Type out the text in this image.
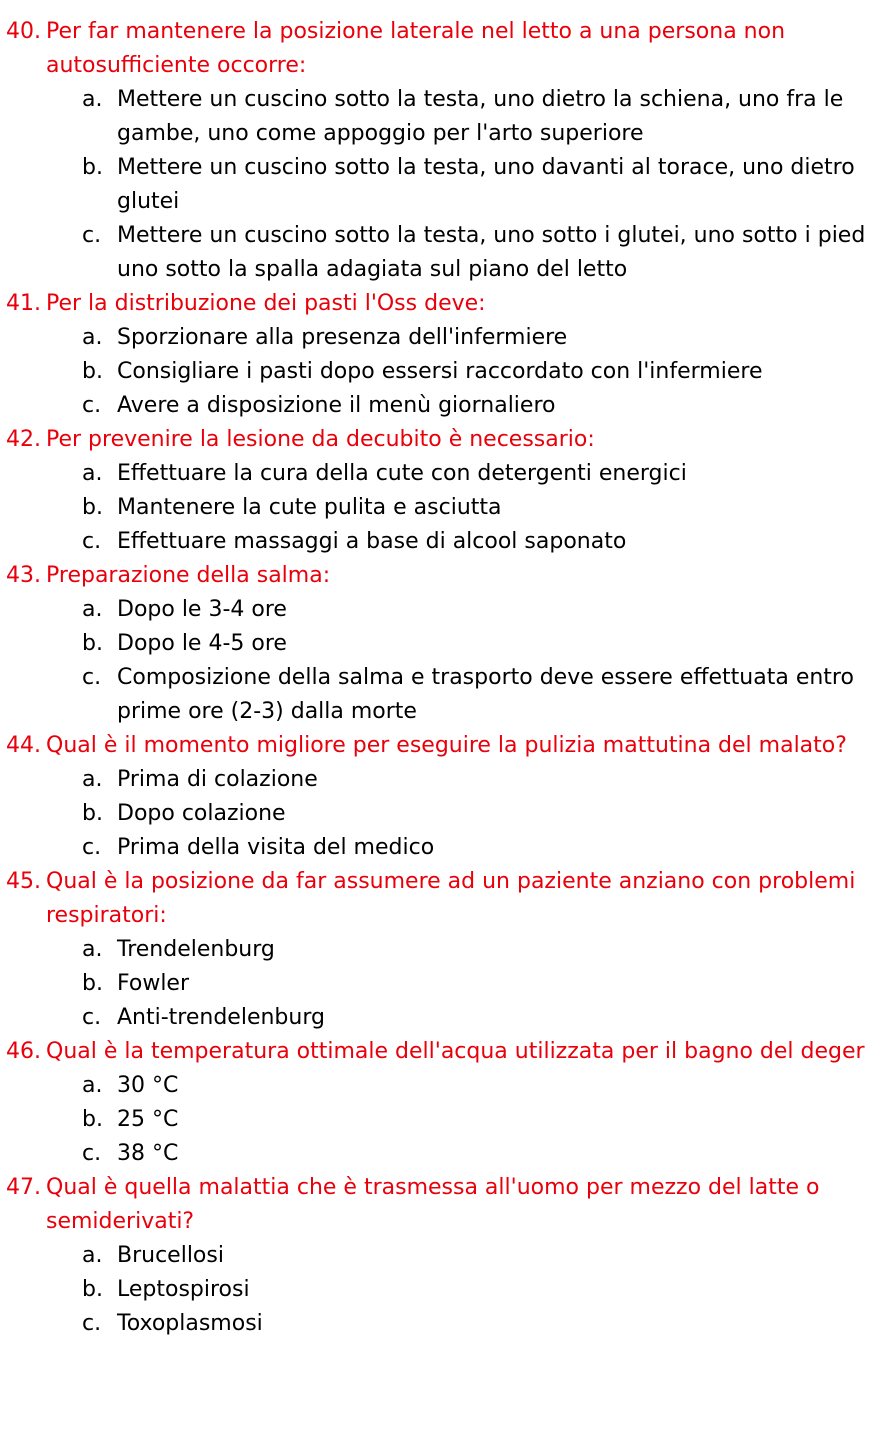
40. Per far mantenere la posizione laterale nel letto a una persona non
autosufficiente occorre:
a. Mettere un cuscino sotto la testa, uno dietro la schiena, uno fra le
gambe, uno come appoggio per l'arto superiore
b. Mettere un cuscino sotto la testa, uno davanti al torace, uno dietro
glutei
c. Mettere un cuscino sotto la testa, uno sotto i glutei, uno sotto i pied
uno sotto la spalla adagiata sul piano del letto
41. Per la distribuzione dei pasti l'Oss deve:
a. Sporzionare alla presenza dell'infermiere
b. Consigliare i pasti dopo essersi raccordato con l'infermiere
c. Avere a disposizione il menù giornaliero
42. Per prevenire la lesione da decubito è necessario:
a. Effettuare la cura della cute con detergenti energici
b. Mantenere la cute pulita e asciutta
c. Effettuare massaggi a base di alcool saponato
43. Preparazione della salma:
a. Dopo le 3-4 ore
b. Dopo le 4-5 ore
c. Composizione della salma e trasporto deve essere effettuata entro
prime ore (2-3) dalla morte
44. Qual è il momento migliore per eseguire la pulizia mattutina del malato?
a. Prima di colazione
b. Dopo colazione
c. Prima della visita del medico
45. Qual è la posizione da far assumere ad un paziente anziano con problemi
respiratori:
a. Trendelenburg
b. Fowler
c. Anti-trendelenburg
46. Qual è la temperatura ottimale dell'acqua utilizzata per il bagno del deger
a. 30 °C
b. 25 °C
c. 38 °C
47. Qual è quella malattia che è trasmessa all'uomo per mezzo del latte o
semiderivati?
a. Brucellosi
b. Leptospirosi
c. Toxoplasmosi
